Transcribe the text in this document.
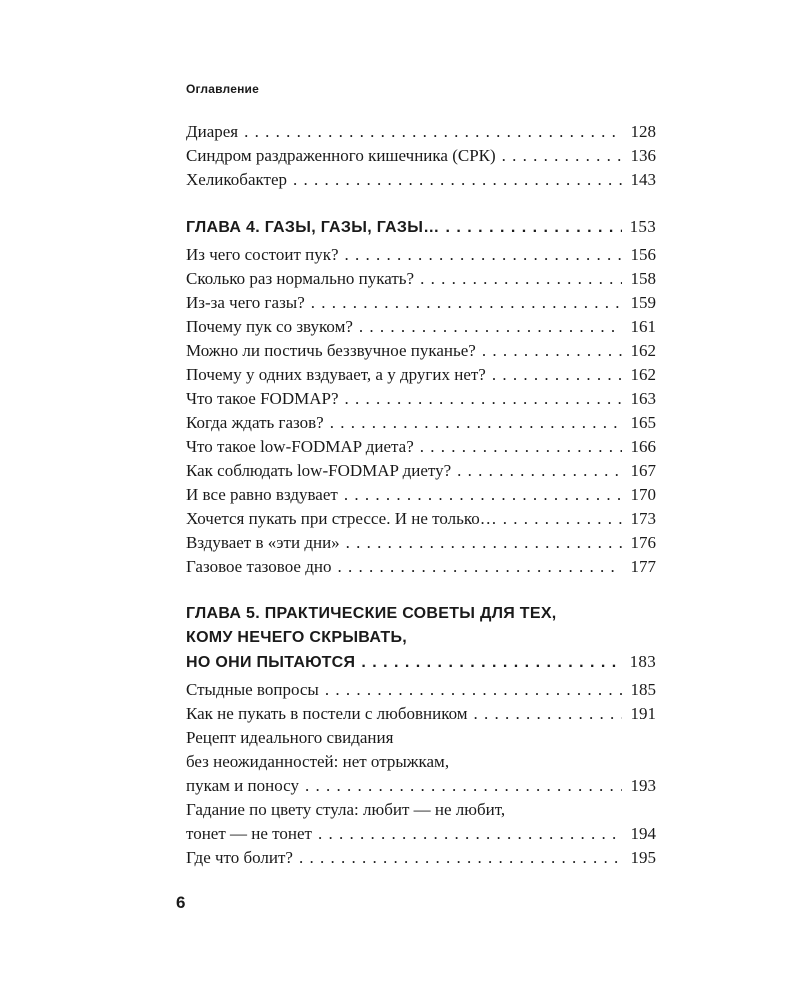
Оглавление
Диарея . . .	128
Синдром раздраженного кишечника (СРК) . . .	136
Хеликобактер . . .	143
ГЛАВА 4. ГАЗЫ, ГАЗЫ, ГАЗЫ… . . .	153
Из чего состоит пук? . . .	156
Сколько раз нормально пукать? . . .	158
Из-за чего газы? . . .	159
Почему пук со звуком? . . .	161
Можно ли постичь беззвучное пуканье? . . .	162
Почему у одних вздувает, а у других нет? . . .	162
Что такое FODMAP? . . .	163
Когда ждать газов? . . .	165
Что такое low-FODMAP диета? . . .	166
Как соблюдать low-FODMAP диету? . . .	167
И все равно вздувает . . .	170
Хочется пукать при стрессе. И не только… . . .	173
Вздувает в «эти дни» . . .	176
Газовое тазовое дно . . .	177
ГЛАВА 5. ПРАКТИЧЕСКИЕ СОВЕТЫ ДЛЯ ТЕХ,
КОМУ НЕЧЕГО СКРЫВАТЬ,
НО ОНИ ПЫТАЮТСЯ . . .	183
Стыдные вопросы . . .	185
Как не пукать в постели с любовником . . .	191
Рецепт идеального свидания
без неожиданностей: нет отрыжкам,
пукам и поносу . . .	193
Гадание по цвету стула: любит — не любит,
тонет — не тонет . . .	194
Где что болит? . . .	195
6
